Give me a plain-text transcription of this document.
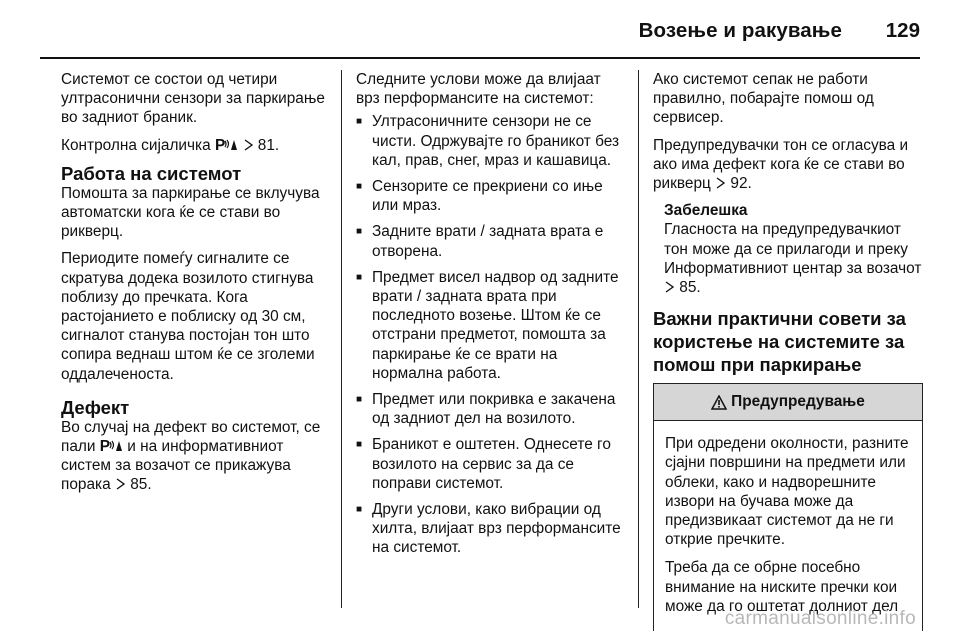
Возење и ракување 129

Системот се состои од четири ултрасонични сензори за паркирање во задниот браник.

Контролна сијаличка P 81.

Работа на системот

Помошта за паркирање се вклучува автоматски кога ќе се стави во рикверц.

Периодите помеѓу сигналите се скратува додека возилото стигнува поблизу до пречката. Кога растојанието е поблиску од 30 см, сигналот станува постојан тон што сопира веднаш штом ќе се зголеми оддалеченоста.

Дефект

Во случај на дефект во системот, се пали P и на информативниот систем за возачот се прикажува порака  85.

Следните услови може да влијаат врз перформансите на системот:

■ Ултрасоничните сензори не се чисти. Одржувајте го браникот без кал, прав, снег, мраз и кашавица.
■ Сензорите се прекриени со иње или мраз.
■ Задните врати / задната врата е отворена.
■ Предмет висел надвор од задните врати / задната врата при последното возење. Штом ќе се отстрани предметот, помошта за паркирање ќе се врати на нормална работа.
■ Предмет или покривка е закачена од задниот дел на возилото.
■ Браникот е оштетен. Однесете го возилото на сервис за да се поправи системот.
■ Други услови, како вибрации од хилта, влијаат врз перформансите на системот.

Ако системот сепак не работи правилно, побарајте помош од сервисер.

Предупредувачки тон се огласува и ако има дефект кога ќе се стави во рикверц  92.

Забелешка
Гласноста на предупредувачкиот тон може да се прилагоди и преку Информативниот центар за возачот  85.
Важни практични совети за користење на системите за помош при паркирање
Предупредување

При одредени околности, разните сјајни површини на предмети или облеки, како и надворешните извори на бучава може да предизвикаат системот да не ги открие пречките.

Треба да се обрне посебно внимание на ниските пречки кои може да го оштетат долниот дел

carmanualsonline.info
